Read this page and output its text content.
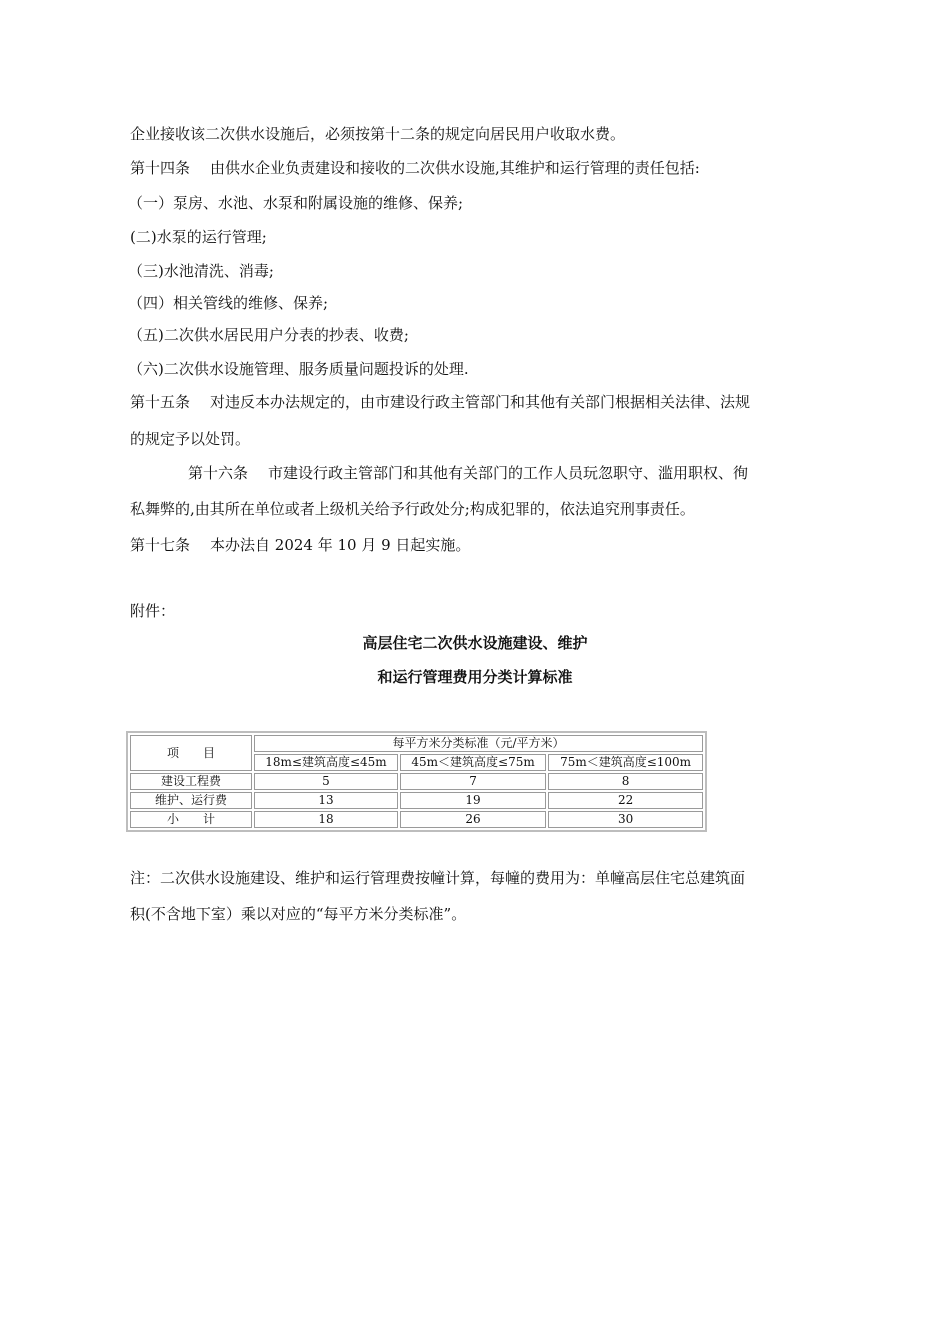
企业接收该二次供水设施后，必须按第十二条的规定向居民用户收取水费。
第十四条 由供水企业负责建设和接收的二次供水设施,其维护和运行管理的责任包括:
（一）泵房、水池、水泵和附属设施的维修、保养;
(二)水泵的运行管理;
（三)水池清洗、消毒;
（四）相关管线的维修、保养;
（五)二次供水居民用户分表的抄表、收费;
（六)二次供水设施管理、服务质量问题投诉的处理.
第十五条 对违反本办法规定的，由市建设行政主管部门和其他有关部门根据相关法律、法规
的规定予以处罚。
第十六条 市建设行政主管部门和其他有关部门的工作人员玩忽职守、滥用职权、徇
私舞弊的,由其所在单位或者上级机关给予行政处分;构成犯罪的，依法追究刑事责任。
第十七条 本办法自 2024 年 10 月 9 日起实施。
附件：
高层住宅二次供水设施建设、维护
和运行管理费用分类计算标准
项　　目	每平方米分类标准（元/平方米）		
	18m≤建筑高度≤45m	45m＜建筑高度≤75m	75m＜建筑高度≤100m
建设工程费	5	7	8
维护、运行费	13	19	22
小　　计	18	26	30
注：二次供水设施建设、维护和运行管理费按幢计算，每幢的费用为：单幢高层住宅总建筑面
积(不含地下室）乘以对应的“每平方米分类标准”。
